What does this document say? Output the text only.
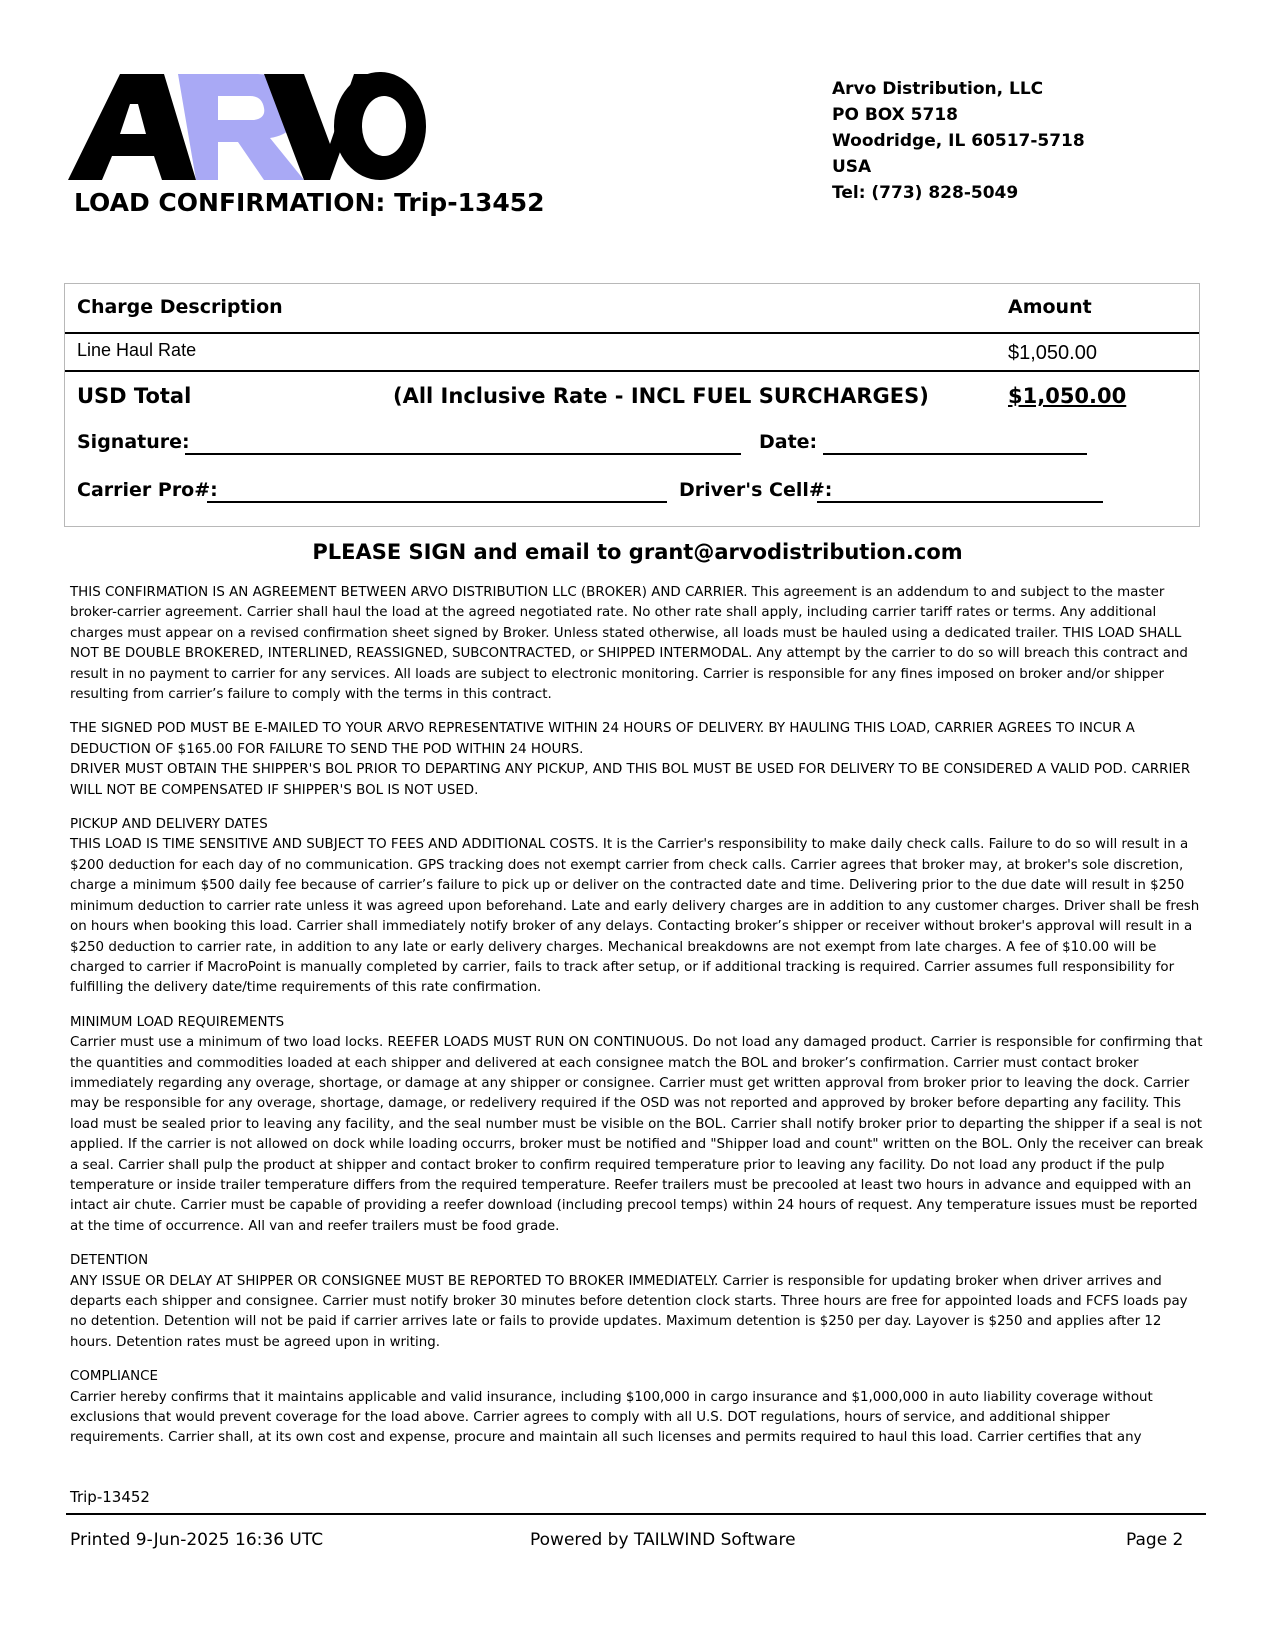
LOAD CONFIRMATION: Trip-13452
Arvo Distribution, LLC
PO BOX 5718
Woodridge, IL 60517-5718
USA
Tel: (773) 828-5049
Charge Description	Amount
Line Haul Rate	$1,050.00
USD Total	(All Inclusive Rate - INCL FUEL SURCHARGES)	$1,050.00
Signature:	Date:
Carrier Pro#:	Driver's Cell#:
PLEASE SIGN and email to grant@arvodistribution.com

THIS CONFIRMATION IS AN AGREEMENT BETWEEN ARVO DISTRIBUTION LLC (BROKER) AND CARRIER. This agreement is an addendum to and subject to the master broker-carrier agreement. Carrier shall haul the load at the agreed negotiated rate. No other rate shall apply, including carrier tariff rates or terms. Any additional charges must appear on a revised confirmation sheet signed by Broker. Unless stated otherwise, all loads must be hauled using a dedicated trailer. THIS LOAD SHALL NOT BE DOUBLE BROKERED, INTERLINED, REASSIGNED, SUBCONTRACTED, or SHIPPED INTERMODAL. Any attempt by the carrier to do so will breach this contract and result in no payment to carrier for any services. All loads are subject to electronic monitoring. Carrier is responsible for any fines imposed on broker and/or shipper resulting from carrier’s failure to comply with the terms in this contract.

THE SIGNED POD MUST BE E-MAILED TO YOUR ARVO REPRESENTATIVE WITHIN 24 HOURS OF DELIVERY. BY HAULING THIS LOAD, CARRIER AGREES TO INCUR A DEDUCTION OF $165.00 FOR FAILURE TO SEND THE POD WITHIN 24 HOURS.
DRIVER MUST OBTAIN THE SHIPPER'S BOL PRIOR TO DEPARTING ANY PICKUP, AND THIS BOL MUST BE USED FOR DELIVERY TO BE CONSIDERED A VALID POD. CARRIER WILL NOT BE COMPENSATED IF SHIPPER'S BOL IS NOT USED.

PICKUP AND DELIVERY DATES
THIS LOAD IS TIME SENSITIVE AND SUBJECT TO FEES AND ADDITIONAL COSTS. It is the Carrier's responsibility to make daily check calls. Failure to do so will result in a $200 deduction for each day of no communication. GPS tracking does not exempt carrier from check calls. Carrier agrees that broker may, at broker's sole discretion, charge a minimum $500 daily fee because of carrier’s failure to pick up or deliver on the contracted date and time. Delivering prior to the due date will result in $250 minimum deduction to carrier rate unless it was agreed upon beforehand. Late and early delivery charges are in addition to any customer charges. Driver shall be fresh on hours when booking this load. Carrier shall immediately notify broker of any delays. Contacting broker’s shipper or receiver without broker's approval will result in a $250 deduction to carrier rate, in addition to any late or early delivery charges. Mechanical breakdowns are not exempt from late charges. A fee of $10.00 will be charged to carrier if MacroPoint is manually completed by carrier, fails to track after setup, or if additional tracking is required. Carrier assumes full responsibility for fulfilling the delivery date/time requirements of this rate confirmation.

MINIMUM LOAD REQUIREMENTS
Carrier must use a minimum of two load locks. REEFER LOADS MUST RUN ON CONTINUOUS. Do not load any damaged product. Carrier is responsible for confirming that the quantities and commodities loaded at each shipper and delivered at each consignee match the BOL and broker’s confirmation. Carrier must contact broker immediately regarding any overage, shortage, or damage at any shipper or consignee. Carrier must get written approval from broker prior to leaving the dock. Carrier may be responsible for any overage, shortage, damage, or redelivery required if the OSD was not reported and approved by broker before departing any facility. This load must be sealed prior to leaving any facility, and the seal number must be visible on the BOL. Carrier shall notify broker prior to departing the shipper if a seal is not applied. If the carrier is not allowed on dock while loading occurrs, broker must be notified and "Shipper load and count" written on the BOL. Only the receiver can break a seal. Carrier shall pulp the product at shipper and contact broker to confirm required temperature prior to leaving any facility. Do not load any product if the pulp temperature or inside trailer temperature differs from the required temperature. Reefer trailers must be precooled at least two hours in advance and equipped with an intact air chute. Carrier must be capable of providing a reefer download (including precool temps) within 24 hours of request. Any temperature issues must be reported at the time of occurrence. All van and reefer trailers must be food grade.

DETENTION
ANY ISSUE OR DELAY AT SHIPPER OR CONSIGNEE MUST BE REPORTED TO BROKER IMMEDIATELY. Carrier is responsible for updating broker when driver arrives and departs each shipper and consignee. Carrier must notify broker 30 minutes before detention clock starts. Three hours are free for appointed loads and FCFS loads pay no detention. Detention will not be paid if carrier arrives late or fails to provide updates. Maximum detention is $250 per day. Layover is $250 and applies after 12 hours. Detention rates must be agreed upon in writing.

COMPLIANCE
Carrier hereby confirms that it maintains applicable and valid insurance, including $100,000 in cargo insurance and $1,000,000 in auto liability coverage without exclusions that would prevent coverage for the load above. Carrier agrees to comply with all U.S. DOT regulations, hours of service, and additional shipper requirements. Carrier shall, at its own cost and expense, procure and maintain all such licenses and permits required to haul this load. Carrier certifies that any

Trip-13452
Printed 9-Jun-2025 16:36 UTC	Powered by TAILWIND Software	Page 2
